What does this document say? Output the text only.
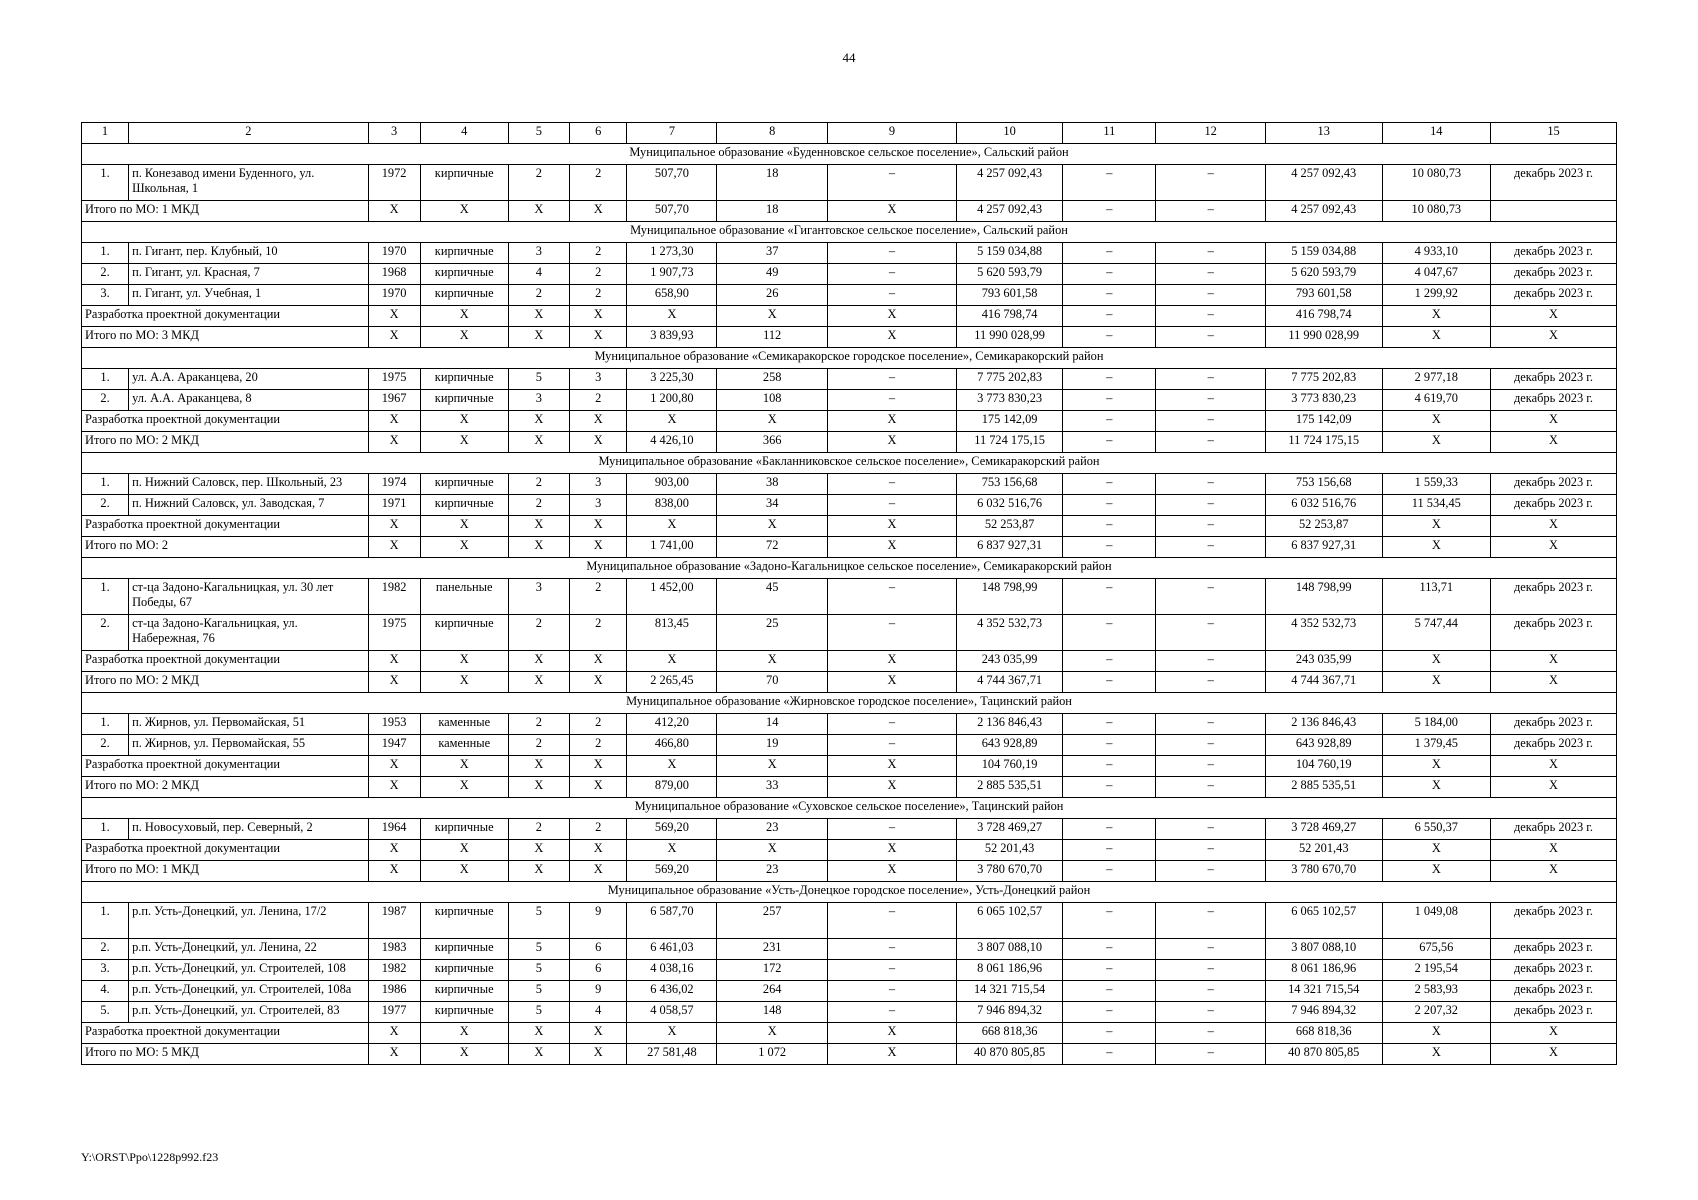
44
1	2	3	4	5	6	7	8	9	10	11	12	13	14	15
Муниципальное образование «Буденновское сельское поселение», Сальский район														
1.	п. Конезавод имени Буденного, ул. Школьная, 1	1972	кирпичные	2	2	507,70	18	–	4 257 092,43	–	–	4 257 092,43	10 080,73	декабрь 2023 г.
Итого по МО: 1 МКД		X	X	X	X	507,70	18	X	4 257 092,43	–	–	4 257 092,43	10 080,73	
Муниципальное образование «Гигантовское сельское поселение», Сальский район														
1.	п. Гигант, пер. Клубный, 10	1970	кирпичные	3	2	1 273,30	37	–	5 159 034,88	–	–	5 159 034,88	4 933,10	декабрь 2023 г.
2.	п. Гигант, ул. Красная, 7	1968	кирпичные	4	2	1 907,73	49	–	5 620 593,79	–	–	5 620 593,79	4 047,67	декабрь 2023 г.
3.	п. Гигант, ул. Учебная, 1	1970	кирпичные	2	2	658,90	26	–	793 601,58	–	–	793 601,58	1 299,92	декабрь 2023 г.
Разработка проектной документации		X	X	X	X	X	X	X	416 798,74	–	–	416 798,74	X	X
Итого по МО: 3 МКД		X	X	X	X	3 839,93	112	X	11 990 028,99	–	–	11 990 028,99	X	X
Муниципальное образование «Семикаракорское городское поселение», Семикаракорский район														
1.	ул. А.А. Араканцева, 20	1975	кирпичные	5	3	3 225,30	258	–	7 775 202,83	–	–	7 775 202,83	2 977,18	декабрь 2023 г.
2.	ул. А.А. Араканцева, 8	1967	кирпичные	3	2	1 200,80	108	–	3 773 830,23	–	–	3 773 830,23	4 619,70	декабрь 2023 г.
Разработка проектной документации		X	X	X	X	X	X	X	175 142,09	–	–	175 142,09	X	X
Итого по МО: 2 МКД		X	X	X	X	4 426,10	366	X	11 724 175,15	–	–	11 724 175,15	X	X
Муниципальное образование «Бакланниковское сельское поселение», Семикаракорский район														
1.	п. Нижний Саловск, пер. Школьный, 23	1974	кирпичные	2	3	903,00	38	–	753 156,68	–	–	753 156,68	1 559,33	декабрь 2023 г.
2.	п. Нижний Саловск, ул. Заводская, 7	1971	кирпичные	2	3	838,00	34	–	6 032 516,76	–	–	6 032 516,76	11 534,45	декабрь 2023 г.
Разработка проектной документации		X	X	X	X	X	X	X	52 253,87	–	–	52 253,87	X	X
Итого по МО: 2		X	X	X	X	1 741,00	72	X	6 837 927,31	–	–	6 837 927,31	X	X
Муниципальное образование «Задоно-Кагальницкое сельское поселение», Семикаракорский район														
1.	ст-ца Задоно-Кагальницкая, ул. 30 лет Победы, 67	1982	панельные	3	2	1 452,00	45	–	148 798,99	–	–	148 798,99	113,71	декабрь 2023 г.
2.	ст-ца Задоно-Кагальницкая, ул. Набережная, 76	1975	кирпичные	2	2	813,45	25	–	4 352 532,73	–	–	4 352 532,73	5 747,44	декабрь 2023 г.
Разработка проектной документации		X	X	X	X	X	X	X	243 035,99	–	–	243 035,99	X	X
Итого по МО: 2 МКД		X	X	X	X	2 265,45	70	X	4 744 367,71	–	–	4 744 367,71	X	X
Муниципальное образование «Жирновское городское поселение», Тацинский район														
1.	п. Жирнов, ул. Первомайская, 51	1953	каменные	2	2	412,20	14	–	2 136 846,43	–	–	2 136 846,43	5 184,00	декабрь 2023 г.
2.	п. Жирнов, ул. Первомайская, 55	1947	каменные	2	2	466,80	19	–	643 928,89	–	–	643 928,89	1 379,45	декабрь 2023 г.
Разработка проектной документации		X	X	X	X	X	X	X	104 760,19	–	–	104 760,19	X	X
Итого по МО: 2 МКД		X	X	X	X	879,00	33	X	2 885 535,51	–	–	2 885 535,51	X	X
Муниципальное образование «Суховское сельское поселение», Тацинский район														
1.	п. Новосуховый, пер. Северный, 2	1964	кирпичные	2	2	569,20	23	–	3 728 469,27	–	–	3 728 469,27	6 550,37	декабрь 2023 г.
Разработка проектной документации		X	X	X	X	X	X	X	52 201,43	–	–	52 201,43	X	X
Итого по МО: 1 МКД		X	X	X	X	569,20	23	X	3 780 670,70	–	–	3 780 670,70	X	X
Муниципальное образование «Усть-Донецкое городское поселение», Усть-Донецкий район														
1.	р.п. Усть-Донецкий, ул. Ленина, 17/2	1987	кирпичные	5	9	6 587,70	257	–	6 065 102,57	–	–	6 065 102,57	1 049,08	декабрь 2023 г.
2.	р.п. Усть-Донецкий, ул. Ленина, 22	1983	кирпичные	5	6	6 461,03	231	–	3 807 088,10	–	–	3 807 088,10	675,56	декабрь 2023 г.
3.	р.п. Усть-Донецкий, ул. Строителей, 108	1982	кирпичные	5	6	4 038,16	172	–	8 061 186,96	–	–	8 061 186,96	2 195,54	декабрь 2023 г.
4.	р.п. Усть-Донецкий, ул. Строителей, 108а	1986	кирпичные	5	9	6 436,02	264	–	14 321 715,54	–	–	14 321 715,54	2 583,93	декабрь 2023 г.
5.	р.п. Усть-Донецкий, ул. Строителей, 83	1977	кирпичные	5	4	4 058,57	148	–	7 946 894,32	–	–	7 946 894,32	2 207,32	декабрь 2023 г.
Разработка проектной документации		X	X	X	X	X	X	X	668 818,36	–	–	668 818,36	X	X
Итого по МО: 5 МКД		X	X	X	X	27 581,48	1 072	X	40 870 805,85	–	–	40 870 805,85	X	X
Y:\ORST\Ppo\1228p992.f23
